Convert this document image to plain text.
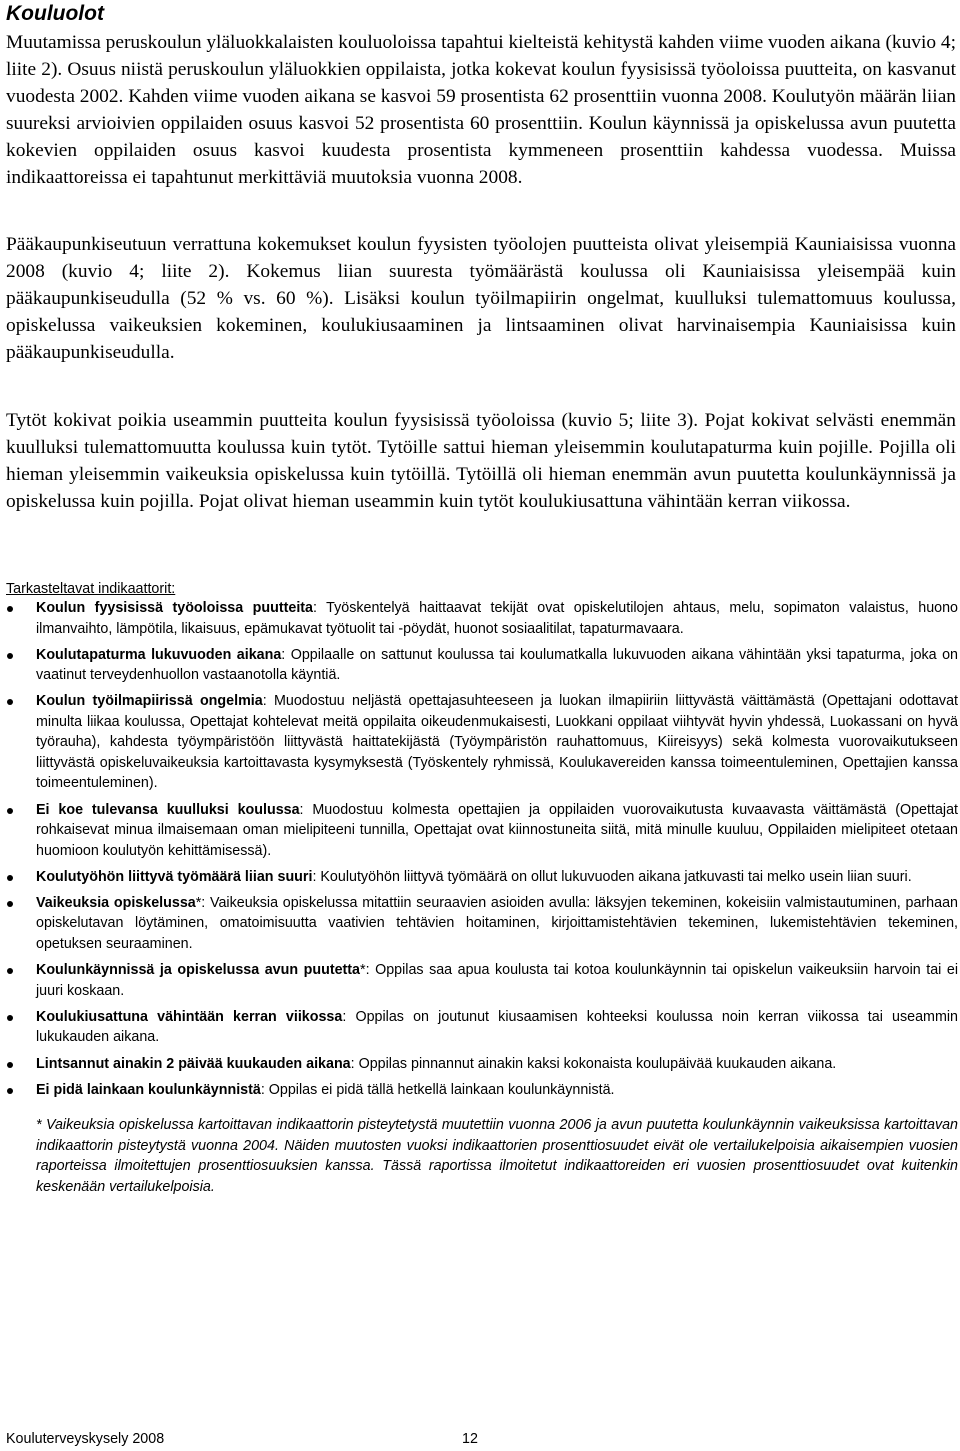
Kouluolot

Muutamissa peruskoulun yläluokkalaisten kouluoloissa tapahtui kielteistä kehitystä kahden viime vuoden aikana (kuvio 4; liite 2). Osuus niistä peruskoulun yläluokkien oppilaista, jotka kokevat koulun fyysisissä työoloissa puutteita, on kasvanut vuodesta 2002. Kahden viime vuoden aikana se kasvoi 59 prosentista 62 prosenttiin vuonna 2008. Koulutyön määrän liian suureksi arvioivien oppilaiden osuus kasvoi 52 prosentista 60 prosenttiin. Koulun käynnissä ja opiskelussa avun puutetta kokevien oppilaiden osuus kasvoi kuudesta prosentista kymmeneen prosenttiin kahdessa vuodessa. Muissa indikaattoreissa ei tapahtunut merkittäviä muutoksia vuonna 2008.

Pääkaupunkiseutuun verrattuna kokemukset koulun fyysisten työolojen puutteista olivat yleisempiä Kauniaisissa vuonna 2008 (kuvio 4; liite 2). Kokemus liian suuresta työmäärästä koulussa oli Kauniaisissa yleisempää kuin pääkaupunkiseudulla (52 % vs. 60 %). Lisäksi koulun työilmapiirin ongelmat, kuulluksi tulemattomuus koulussa, opiskelussa vaikeuksien kokeminen, koulukiusaaminen ja lintsaaminen olivat harvinaisempia Kauniaisissa kuin pääkaupunkiseudulla.

Tytöt kokivat poikia useammin puutteita koulun fyysisissä työoloissa (kuvio 5; liite 3). Pojat kokivat selvästi enemmän kuulluksi tulemattomuutta koulussa kuin tytöt. Tytöille sattui hieman yleisemmin koulutapaturma kuin pojille. Pojilla oli hieman yleisemmin vaikeuksia opiskelussa kuin tytöillä. Tytöillä oli hieman enemmän avun puutetta koulunkäynnissä ja opiskelussa kuin pojilla. Pojat olivat hieman useammin kuin tytöt koulukiusattuna vähintään kerran viikossa.

Tarkasteltavat indikaattorit:
Koulun fyysisissä työoloissa puutteita: Työskentelyä haittaavat tekijät ovat opiskelutilojen ahtaus, melu, sopimaton valaistus, huono ilmanvaihto, lämpötila, likaisuus, epämukavat työtuolit tai -pöydät, huonot sosiaalitilat, tapaturmavaara.
Koulutapaturma lukuvuoden aikana: Oppilaalle on sattunut koulussa tai koulumatkalla lukuvuoden aikana vähintään yksi tapaturma, joka on vaatinut terveydenhuollon vastaanotolla käyntiä.
Koulun työilmapiirissä ongelmia: Muodostuu neljästä opettajasuhteeseen ja luokan ilmapiiriin liittyvästä väittämästä (Opettajani odottavat minulta liikaa koulussa, Opettajat kohtelevat meitä oppilaita oikeudenmukaisesti, Luokkani oppilaat viihtyvät hyvin yhdessä, Luokassani on hyvä työrauha), kahdesta työympäristöön liittyvästä haittatekijästä (Työympäristön rauhattomuus, Kiireisyys) sekä kolmesta vuorovaikutukseen liittyvästä opiskeluvaikeuksia kartoittavasta kysymyksestä (Työskentely ryhmissä, Koulukavereiden kanssa toimeentuleminen, Opettajien kanssa toimeentuleminen).
Ei koe tulevansa kuulluksi koulussa: Muodostuu kolmesta opettajien ja oppilaiden vuorovaikutusta kuvaavasta väittämästä (Opettajat rohkaisevat minua ilmaisemaan oman mielipiteeni tunnilla, Opettajat ovat kiinnostuneita siitä, mitä minulle kuuluu, Oppilaiden mielipiteet otetaan huomioon koulutyön kehittämisessä).
Koulutyöhön liittyvä työmäärä liian suuri: Koulutyöhön liittyvä työmäärä on ollut lukuvuoden aikana jatkuvasti tai melko usein liian suuri.
Vaikeuksia opiskelussa*: Vaikeuksia opiskelussa mitattiin seuraavien asioiden avulla: läksyjen tekeminen, kokeisiin valmistautuminen, parhaan opiskelutavan löytäminen, omatoimisuutta vaativien tehtävien hoitaminen, kirjoittamistehtävien tekeminen, lukemistehtävien tekeminen, opetuksen seuraaminen.
Koulunkäynnissä ja opiskelussa avun puutetta*: Oppilas saa apua koulusta tai kotoa koulunkäynnin tai opiskelun vaikeuksiin harvoin tai ei juuri koskaan.
Koulukiusattuna vähintään kerran viikossa: Oppilas on joutunut kiusaamisen kohteeksi koulussa noin kerran viikossa tai useammin lukukauden aikana.
Lintsannut ainakin 2 päivää kuukauden aikana: Oppilas pinnannut ainakin kaksi kokonaista koulupäivää kuukauden aikana.
Ei pidä lainkaan koulunkäynnistä: Oppilas ei pidä tällä hetkellä lainkaan koulunkäynnistä.

* Vaikeuksia opiskelussa kartoittavan indikaattorin pisteytetystä muutettiin vuonna 2006 ja avun puutetta koulunkäynnin vaikeuksissa kartoittavan indikaattorin pisteytystä vuonna 2004. Näiden muutosten vuoksi indikaattorien prosenttiosuudet eivät ole vertailukelpoisia aikaisempien vuosien raporteissa ilmoitettujen prosenttiosuuksien kanssa. Tässä raportissa ilmoitetut indikaattoreiden eri vuosien prosenttiosuudet ovat kuitenkin keskenään vertailukelpoisia.

Kouluterveyskysely 2008	12
